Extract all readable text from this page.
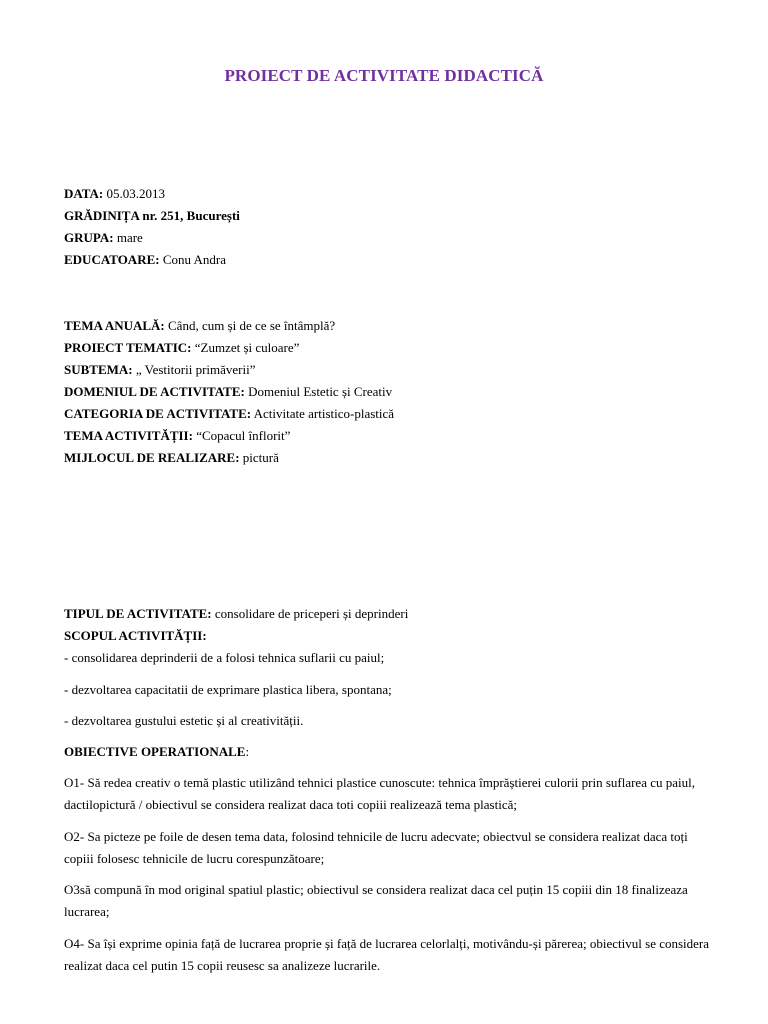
PROIECT DE ACTIVITATE DIDACTICĂ
DATA: 05.03.2013
GRĂDINIȚA nr. 251, București
GRUPA: mare
EDUCATOARE: Conu Andra
TEMA ANUALĂ: Când, cum și de ce se întâmplă?
PROIECT TEMATIC: “Zumzet și culoare”
SUBTEMA: „ Vestitorii primăverii”
DOMENIUL DE ACTIVITATE: Domeniul Estetic și Creativ
CATEGORIA DE ACTIVITATE: Activitate artistico-plastică
TEMA ACTIVITĂȚII: “Copacul înflorit”
MIJLOCUL DE REALIZARE: pictură
TIPUL DE ACTIVITATE: consolidare de priceperi și deprinderi
SCOPUL ACTIVITĂȚII:
- consolidarea deprinderii de a folosi tehnica suflarii cu paiul;
- dezvoltarea capacitatii de exprimare plastica libera, spontana;
- dezvoltarea gustului estetic și al creativității.
OBIECTIVE OPERATIONALE:
O1- Să redea creativ o temă plastic utilizând tehnici plastice cunoscute: tehnica împrăștierei culorii prin suflarea cu paiul, dactilopictură / obiectivul se considera realizat daca toti copiii realizează tema plastică;
O2- Sa picteze pe foile de desen tema data, folosind tehnicile de lucru adecvate; obiectvul se considera realizat daca toți copiii folosesc tehnicile de lucru corespunzătoare;
O3să compună în mod original spatiul plastic; obiectivul se considera realizat daca cel puțin 15 copiii din 18 finalizeaza lucrarea;
O4- Sa își exprime opinia față de lucrarea proprie și față de lucrarea celorlalți, motivându-și părerea; obiectivul se considera realizat daca cel putin 15 copii reusesc sa analizeze lucrarile.
